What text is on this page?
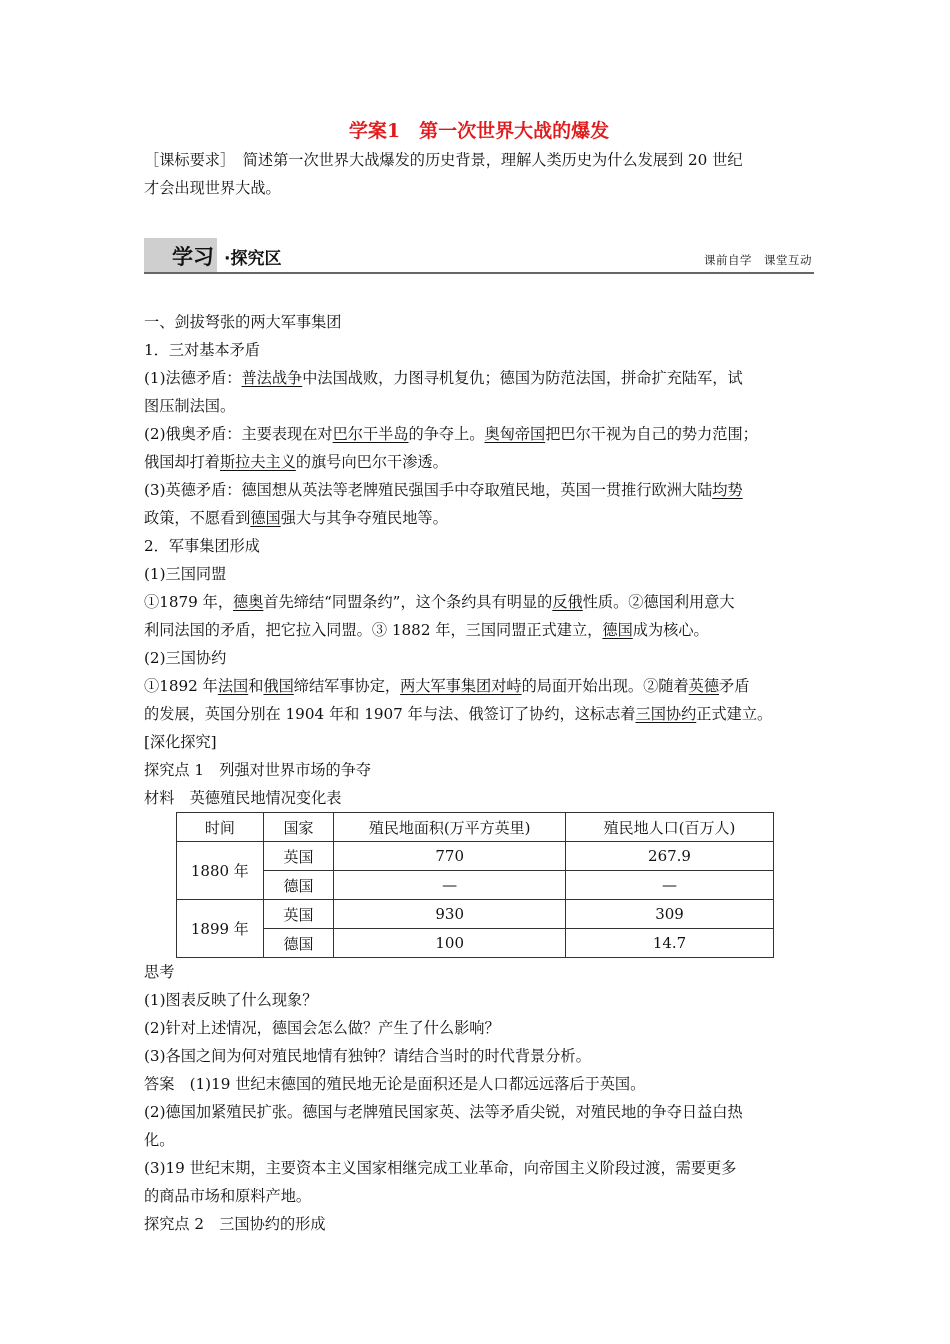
学案1　第一次世界大战的爆发
［课标要求］　简述第一次世界大战爆发的历史背景，理解人类历史为什么发展到 20 世纪
才会出现世界大战。
学习 ·探究区	课前自学　课堂互动
一、剑拔弩张的两大军事集团
1．三对基本矛盾
(1)法德矛盾：普法战争中法国战败，力图寻机复仇；德国为防范法国，拼命扩充陆军，试
图压制法国。
(2)俄奥矛盾：主要表现在对巴尔干半岛的争夺上。奥匈帝国把巴尔干视为自己的势力范围；
俄国却打着斯拉夫主义的旗号向巴尔干渗透。
(3)英德矛盾：德国想从英法等老牌殖民强国手中夺取殖民地，英国一贯推行欧洲大陆均势
政策，不愿看到德国强大与其争夺殖民地等。
2．军事集团形成
(1)三国同盟
①1879 年，德奥首先缔结“同盟条约”，这个条约具有明显的反俄性质。②德国利用意大
利同法国的矛盾，把它拉入同盟。③ 1882 年，三国同盟正式建立，德国成为核心。
(2)三国协约
①1892 年法国和俄国缔结军事协定，两大军事集团对峙的局面开始出现。②随着英德矛盾
的发展，英国分别在 1904 年和 1907 年与法、俄签订了协约，这标志着三国协约正式建立。
[深化探究]
探究点 1　列强对世界市场的争夺
材料　英德殖民地情况变化表
时间	国家	殖民地面积(万平方英里)	殖民地人口(百万人)
1880 年	英国	770	267.9
	德国	—	—
1899 年	英国	930	309
	德国	100	14.7
思考
(1)图表反映了什么现象？
(2)针对上述情况，德国会怎么做？产生了什么影响？
(3)各国之间为何对殖民地情有独钟？请结合当时的时代背景分析。
答案　(1)19 世纪末德国的殖民地无论是面积还是人口都远远落后于英国。
(2)德国加紧殖民扩张。德国与老牌殖民国家英、法等矛盾尖锐，对殖民地的争夺日益白热
化。
(3)19 世纪末期，主要资本主义国家相继完成工业革命，向帝国主义阶段过渡，需要更多
的商品市场和原料产地。
探究点 2　三国协约的形成
